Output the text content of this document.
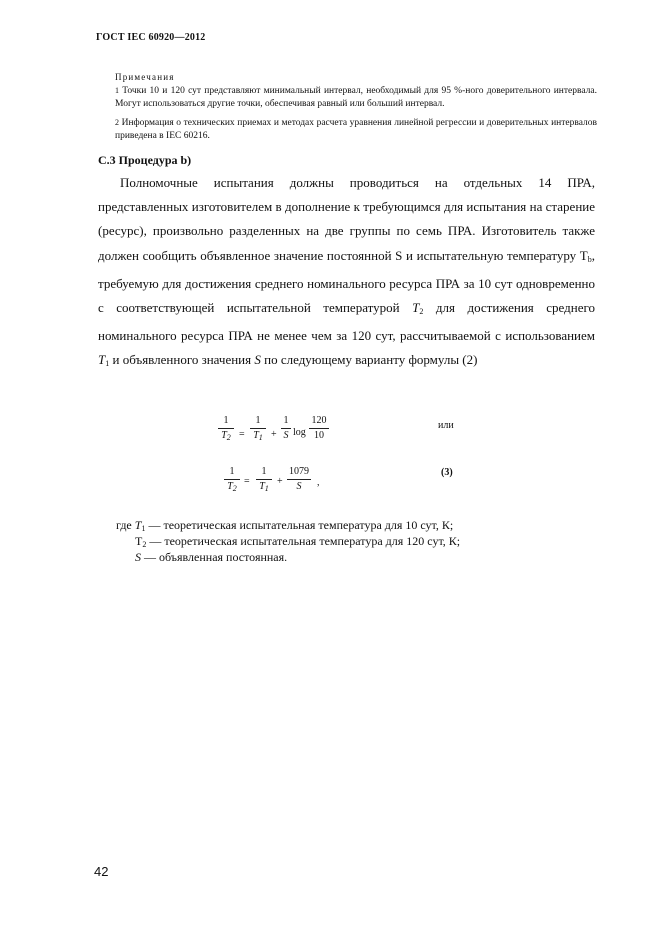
ГОСТ IEC 60920—2012
Примечания
1 Точки 10 и 120 сут представляют минимальный интервал, необходимый для 95 %-ного доверительного интервала. Могут использоваться другие точки, обеспечивая равный или больший интервал.
2 Информация о технических приемах и методах расчета уравнения линейной регрессии и доверительных интервалов приведена в IEC 60216.
С.3 Процедура b)

Полномочные испытания должны проводиться на отдельных 14 ПРА, представленных изготовителем в дополнение к требующимся для испытания на старение (ресурс), произвольно разделенных на две группы по семь ПРА. Изготовитель также должен сообщить объявленное значение постоянной S и испытательную температуру $T_b$, требуемую для достижения среднего номинального ресурса ПРА за 10 сут одновременно с соответствующей испытательной температурой $T_2$ для достижения среднего номинального ресурса ПРА не менее чем за 120 сут, рассчитываемой с использованием $T_1$ и объявленного значения S по следующему варианту формулы (2)

1
$T_2$ =
1
$T_1$ +
1
S log
120
10
или
1
$T_2$
=
1
$T_1$
+
1079
S	,
(3)
где $T_1$ — теоретическая испытательная температура для 10 сут, К;
$T_2$ — теоретическая испытательная температура для 120 сут, К;
S — объявленная постоянная.
42
